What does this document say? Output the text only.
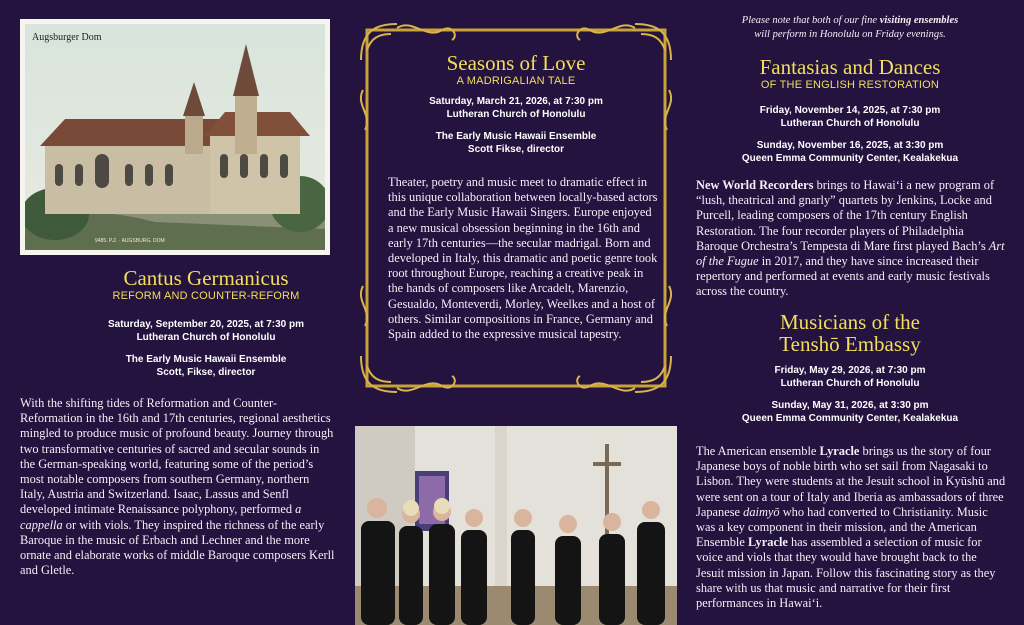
Augsburger Dom
9485. P.Z. · AUGSBURG. DOM
Cantus Germanicus
REFORM AND COUNTER-REFORM
Saturday, September 20, 2025, at 7:30 pm
Lutheran Church of Honolulu
The Early Music Hawaii Ensemble
Scott, Fikse, director
With the shifting tides of Reformation and Counter-Reformation in the 16th and 17th centuries, regional aesthetics mingled to produce music of profound beauty. Journey through two transformative centuries of sacred and secular sounds in the German-speaking world, featuring some of the period’s most notable composers from southern Germany, northern Italy, Austria and Switzerland. Isaac, Lassus and Senfl developed intimate Renaissance polyphony, performed a cappella or with viols. They inspired the richness of the early Baroque in the music of Erbach and Lechner and the more ornate and elaborate works of middle Baroque composers Kerll and Gletle.
Seasons of Love
A MADRIGALIAN TALE
Saturday, March 21, 2026, at 7:30 pm
Lutheran Church of Honolulu
The Early Music Hawaii Ensemble
Scott Fikse, director
Theater, poetry and music meet to dramatic effect in this unique collaboration between locally-based actors and the Early Music Hawaii Singers. Europe enjoyed a new musical obsession beginning in the 16th and early 17th centuries—the secular madrigal. Born and developed in Italy, this dramatic and poetic genre took root throughout Europe, reaching a creative peak in the hands of composers like Arcadelt, Marenzio, Gesualdo, Monteverdi, Morley, Weelkes and a host of others. Similar compositions in France, Germany and Spain added to the expressive musical tapestry.
Please note that both of our fine visiting ensembles
will perform in Honolulu on Friday evenings.
Fantasias and Dances
OF THE ENGLISH RESTORATION
Friday, November 14, 2025, at 7:30 pm
Lutheran Church of Honolulu
Sunday, November 16, 2025, at 3:30 pm
Queen Emma Community Center, Kealakekua
New World Recorders brings to Hawai‘i a new program of “lush, theatrical and gnarly” quartets by Jenkins, Locke and Purcell, leading composers of the 17th century English Restoration. The four recorder players of Philadelphia Baroque Orchestra’s Tempesta di Mare first played Bach’s Art of the Fugue in 2017, and they have since increased their repertory and performed at events and early music festivals across the country.
Musicians of the
Tenshō Embassy
Friday, May 29, 2026, at 7:30 pm
Lutheran Church of Honolulu
Sunday, May 31, 2026, at 3:30 pm
Queen Emma Community Center, Kealakekua
The American ensemble Lyracle brings us the story of four Japanese boys of noble birth who set sail from Nagasaki to Lisbon. They were students at the Jesuit school in Kyūshū and were sent on a tour of Italy and Iberia as ambassadors of three Japanese daimyō who had converted to Christianity. Music was a key component in their mission, and the American Ensemble Lyracle has assembled a selection of music for voice and viols that they would have brought back to the Jesuit mission in Japan. Follow this fascinating story as they share with us that music and narrative for their first performances in Hawai‘i.
